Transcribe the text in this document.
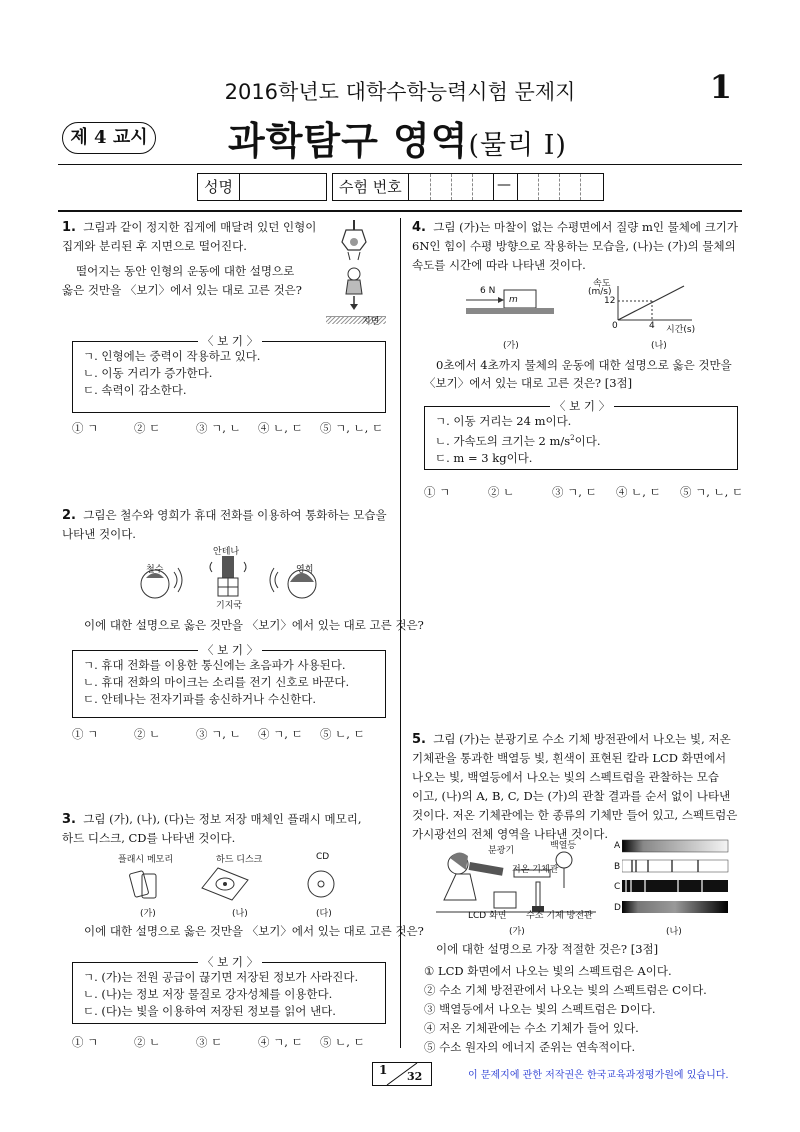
2016학년도 대학수학능력시험 문제지	1
제 4 교시 과학탐구 영역(물리 I)
성명	수험 번호	—
1. 그림과 같이 정지한 집게에 매달려 있던 인형이
집게와 분리된 후 지면으로 떨어진다.
떨어지는 동안 인형의 운동에 대한 설명으로
옳은 것만을 〈보기〉에서 있는 대로 고른 것은?
지면
ㄱ. 인형에는 중력이 작용하고 있다.
ㄴ. 이동 거리가 증가한다.
ㄷ. 속력이 감소한다.
〈 보 기 〉
① ㄱ	② ㄷ	③ ㄱ, ㄴ ④ ㄴ, ㄷ ⑤ ㄱ, ㄴ, ㄷ
2. 그림은 철수와 영희가 휴대 전화를 이용하여 통화하는 모습을
나타낸 것이다.
안테나
철수	영희
기지국
이에 대한 설명으로 옳은 것만을 〈보기〉에서 있는 대로 고른 것은?
ㄱ. 휴대 전화를 이용한 통신에는 초음파가 사용된다.
ㄴ. 휴대 전화의 마이크는 소리를 전기 신호로 바꾼다.
ㄷ. 안테나는 전자기파를 송신하거나 수신한다.
〈 보 기 〉
① ㄱ	② ㄴ	③ ㄱ, ㄴ ④ ㄱ, ㄷ ⑤ ㄴ, ㄷ
3. 그림 (가), (나), (다)는 정보 저장 매체인 플래시 메모리,
하드 디스크, CD를 나타낸 것이다.
플래시 메모리	하드 디스크	CD
(가)	(나)	(다)
이에 대한 설명으로 옳은 것만을 〈보기〉에서 있는 대로 고른 것은?
ㄱ. (가)는 전원 공급이 끊기면 저장된 정보가 사라진다.
ㄴ. (나)는 정보 저장 물질로 강자성체를 이용한다.
ㄷ. (다)는 빛을 이용하여 저장된 정보를 읽어 낸다.
〈 보 기 〉
① ㄱ	② ㄴ	③ ㄷ	④ ㄱ, ㄷ ⑤ ㄴ, ㄷ
4. 그림 (가)는 마찰이 없는 수평면에서 질량 m인 물체에 크기가
6N인 힘이 수평 방향으로 작용하는 모습을, (나)는 (가)의 물체의
속도를 시간에 따라 나타낸 것이다.
6 N
m
속도
(m/s)
12
0	4 시간(s)
(가)	(나)
0초에서 4초까지 물체의 운동에 대한 설명으로 옳은 것만을
〈보기〉에서 있는 대로 고른 것은? [3점]
ㄱ. 이동 거리는 24 m이다.
ㄴ. 가속도의 크기는 2 $m/s^2$이다.
ㄷ. m = 3 kg이다.
〈 보 기 〉
① ㄱ	② ㄴ	③ ㄱ, ㄷ ④ ㄴ, ㄷ ⑤ ㄱ, ㄴ, ㄷ
5. 그림 (가)는 분광기로 수소 기체 방전관에서 나오는 빛, 저온
기체관을 통과한 백열등 빛, 흰색이 표현된 칼라 LCD 화면에서
나오는 빛, 백열등에서 나오는 빛의 스펙트럼을 관찰하는 모습
이고, (나)의 A, B, C, D는 (가)의 관찰 결과를 순서 없이 나타낸
것이다. 저온 기체관에는 한 종류의 기체만 들어 있고, 스펙트럼은
가시광선의 전체 영역을 나타낸 것이다.
분광기	백열등
저온 기체관
LCD 화면 수소 기체 방전관
(가)
A
B
C
D
(나)
이에 대한 설명으로 가장 적절한 것은? [3점]
① LCD 화면에서 나오는 빛의 스펙트럼은 A이다.
② 수소 기체 방전관에서 나오는 빛의 스펙트럼은 C이다.
③ 백열등에서 나오는 빛의 스펙트럼은 D이다.
④ 저온 기체관에는 수소 기체가 들어 있다.
⑤ 수소 원자의 에너지 준위는 연속적이다.
1 32	이 문제지에 관한 저작권은 한국교육과정평가원에 있습니다.
